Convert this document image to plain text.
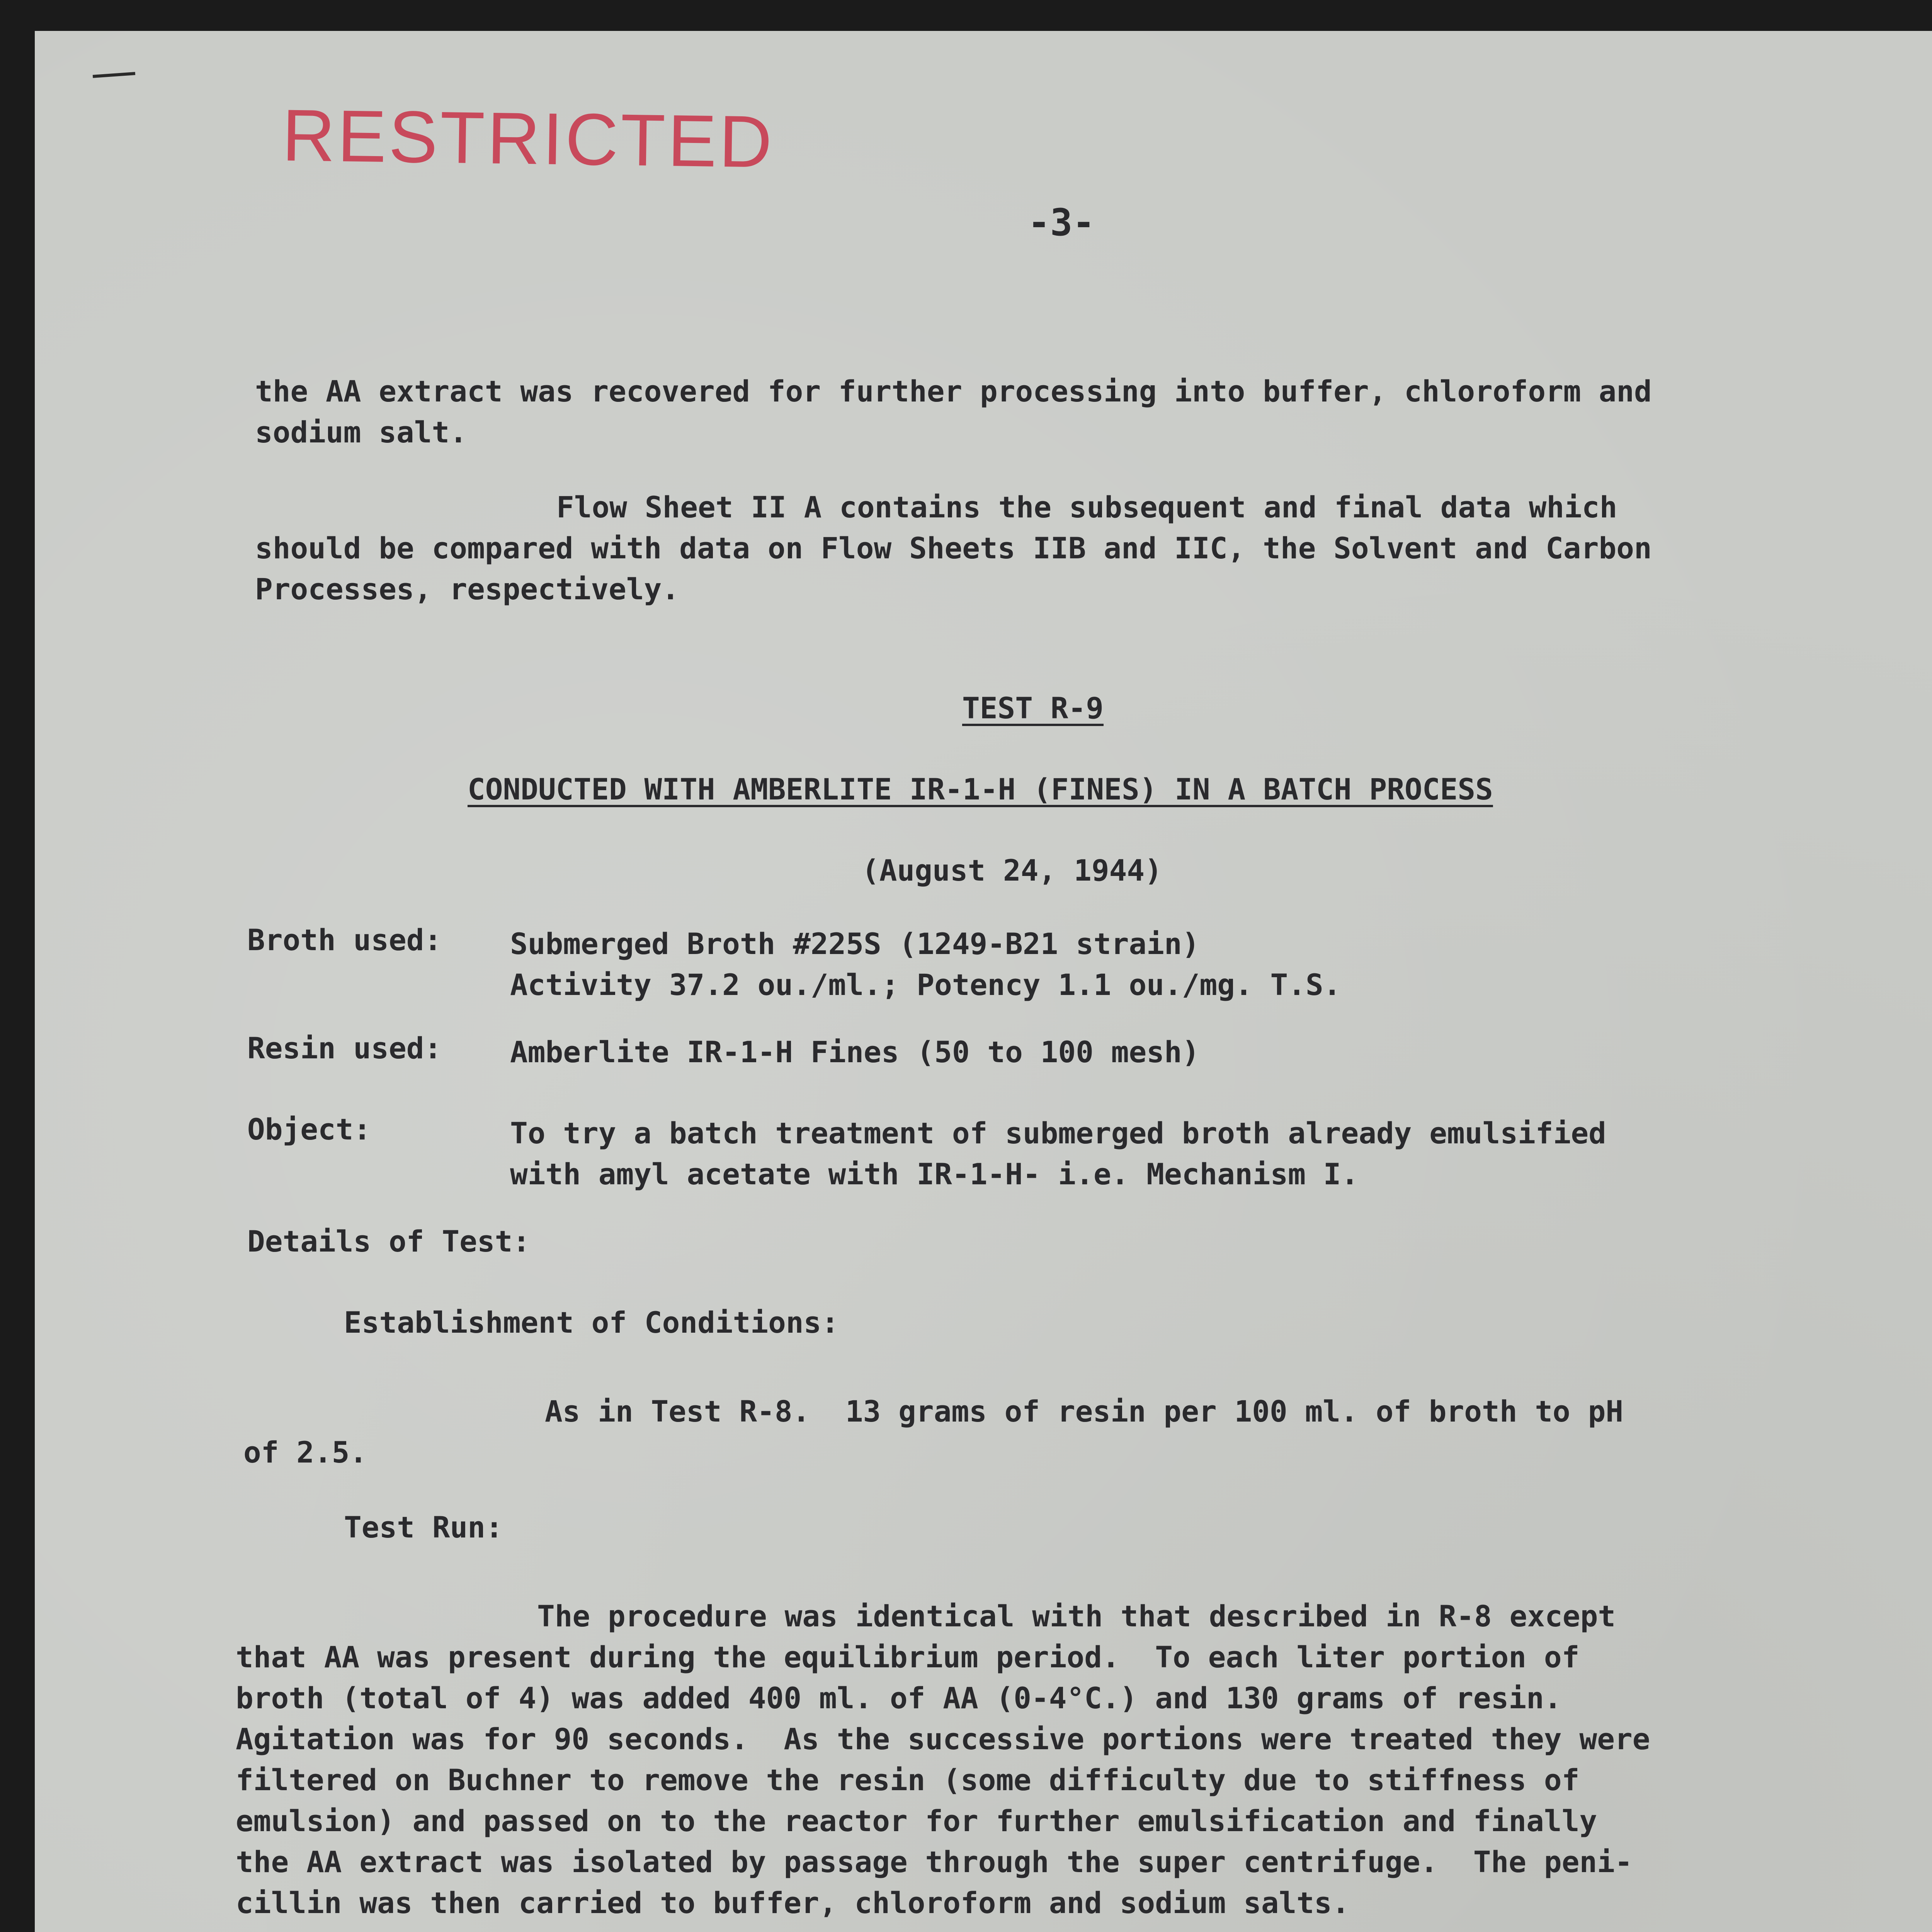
RESTRICTED
-3-
the AA extract was recovered for further processing into buffer, chloroform and
sodium salt.
Flow Sheet II A contains the subsequent and final data which
should be compared with data on Flow Sheets IIB and IIC, the Solvent and Carbon
Processes, respectively.
TEST R-9
CONDUCTED WITH AMBERLITE IR-1-H (FINES) IN A BATCH PROCESS
(August 24, 1944)
Broth used: Submerged Broth #225S (1249-B21 strain)
Activity 37.2 ou./ml.; Potency 1.1 ou./mg. T.S.
Resin used: Amberlite IR-1-H Fines (50 to 100 mesh)
Object:	To try a batch treatment of submerged broth already emulsified
with amyl acetate with IR-1-H- i.e. Mechanism I.
Details of Test:
Establishment of Conditions:
As in Test R-8.  13 grams of resin per 100 ml. of broth to pH
of 2.5.
Test Run:
The procedure was identical with that described in R-8 except
that AA was present during the equilibrium period.  To each liter portion of
broth (total of 4) was added 400 ml. of AA (0-4°C.) and 130 grams of resin.
Agitation was for 90 seconds.  As the successive portions were treated they were
filtered on Buchner to remove the resin (some difficulty due to stiffness of
emulsion) and passed on to the reactor for further emulsification and finally
the AA extract was isolated by passage through the super centrifuge.  The peni-
cillin was then carried to buffer, chloroform and sodium salts.
